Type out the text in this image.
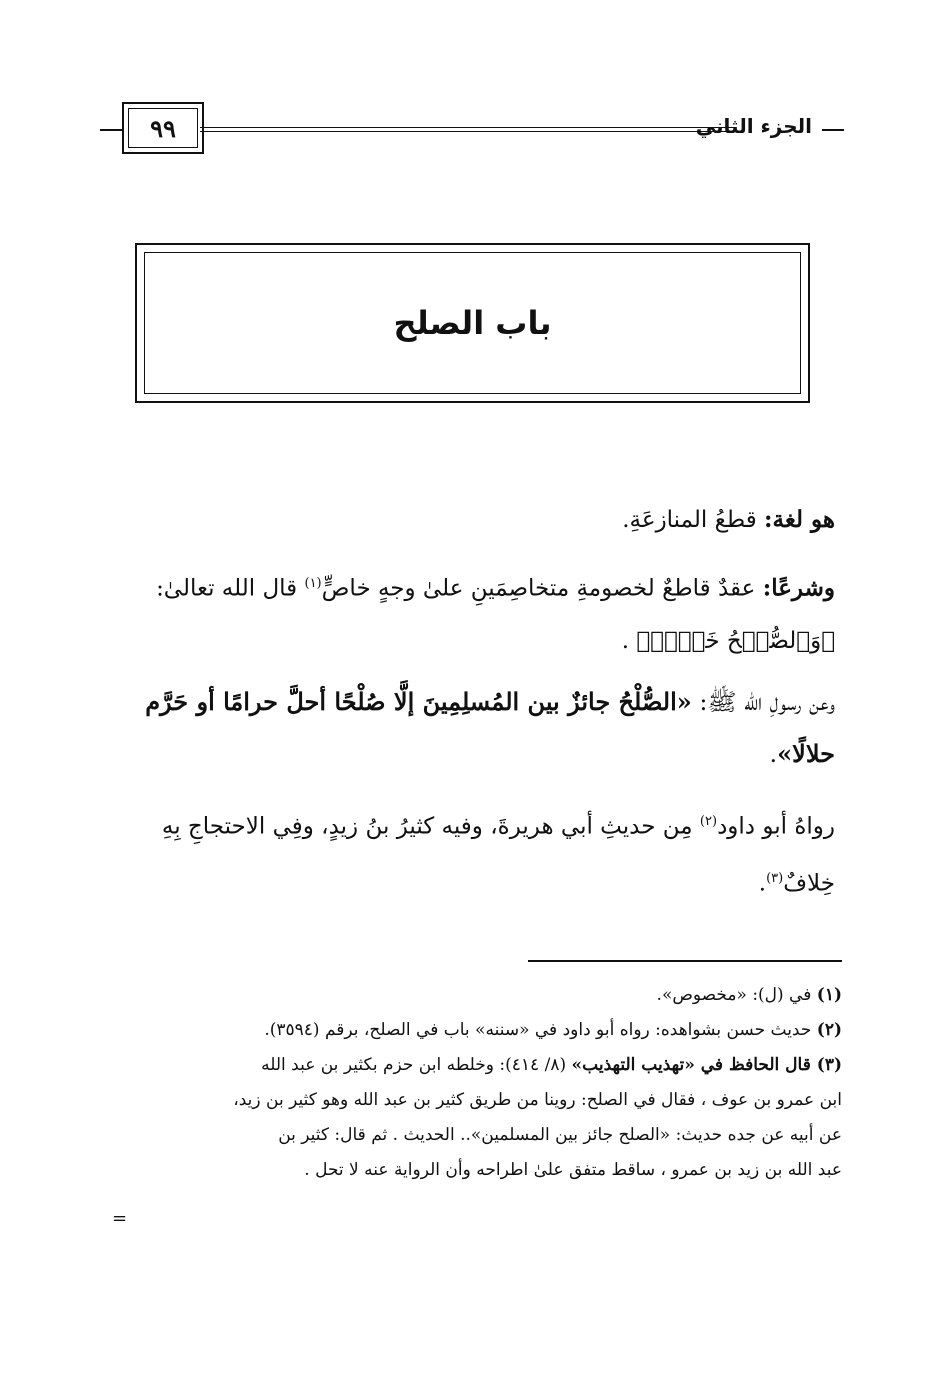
٩٩	الجزء الثاني
باب الصلح
هو لغة: قطعُ المنازعَةِ.
وشرعًا: عقدٌ قاطعٌ لخصومةِ متخاصِمَينِ علىٰ وجهٍ خاصٍّ$^{(١)}$ قال الله تعالىٰ: ﴿وَٱلصُّلۡحُ خَيۡرٞ﴾ .
وعن رسولِ الله ﷺ: «الصُّلْحُ جائزٌ بين المُسلِمِينَ إلَّا صُلْحًا أحلَّ حرامًا أو حَرَّم حلالًا».
رواهُ أبو داود$^{(٢)}$ مِن حديثِ أبي هريرةَ، وفيه كثيرُ بنُ زيدٍ، وفِي الاحتجاجِ بِهِ خِلافٌ$^{(٣)}$.
(١) في (ل): «مخصوص».
(٢) حديث حسن بشواهده: رواه أبو داود في «سننه» باب في الصلح، برقم (٣٥٩٤).
(٣) قال الحافظ في «تهذيب التهذيب» (٨/ ٤١٤): وخلطه ابن حزم بكثير بن عبد الله
ابن عمرو بن عوف ، فقال في الصلح: روينا من طريق كثير بن عبد الله وهو كثير بن زيد،
عن أبيه عن جده حديث: «الصلح جائز بين المسلمين».. الحديث . ثم قال: كثير بن
عبد الله بن زيد بن عمرو ، ساقط متفق علىٰ اطراحه وأن الرواية عنه لا تحل .
=
